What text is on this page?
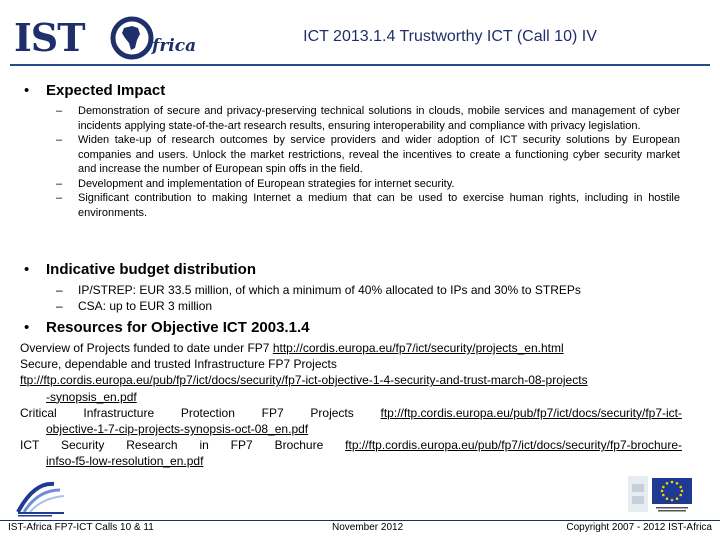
IST	frica	ICT 2013.1.4 Trustworthy ICT (Call 10) IV
•	Expected Impact
– Demonstration of secure and privacy-preserving technical solutions in clouds, mobile services and management of cyber incidents applying state-of-the-art research results, ensuring interoperability and compliance with privacy legislation.
– Widen take-up of research outcomes by service providers and wider adoption of ICT security solutions by European companies and users. Unlock the market restrictions, reveal the incentives to create a functioning cyber security market and increase the number of European spin offs in the field.
– Development and implementation of European strategies for internet security.
– Significant contribution to making Internet a medium that can be used to exercise human rights, including in hostile environments.
•	Indicative budget distribution
– IP/STREP: EUR 33.5 million, of which a minimum of 40% allocated to IPs and 30% to STREPs
– CSA: up to EUR 3 million
•	Resources for Objective ICT 2003.1.4
Overview of Projects funded to date under FP7 http://cordis.europa.eu/fp7/ict/security/projects_en.html
Secure, dependable and trusted Infrastructure FP7 Projects
ftp://ftp.cordis.europa.eu/pub/fp7/ict/docs/security/fp7-ict-objective-1-4-security-and-trust-march-08-projects
-synopsis_en.pdf
Critical Infrastructure Protection FP7 Projects ftp://ftp.cordis.europa.eu/pub/fp7/ict/docs/security/fp7-ict-
objective-1-7-cip-projects-synopsis-oct-08_en.pdf
ICT Security Research in FP7 Brochure ftp://ftp.cordis.europa.eu/pub/fp7/ict/docs/security/fp7-brochure-
infso-f5-low-resolution_en.pdf
IST-Africa FP7-ICT Calls 10 & 11	November 2012	Copyright 2007 - 2012 IST-Africa
